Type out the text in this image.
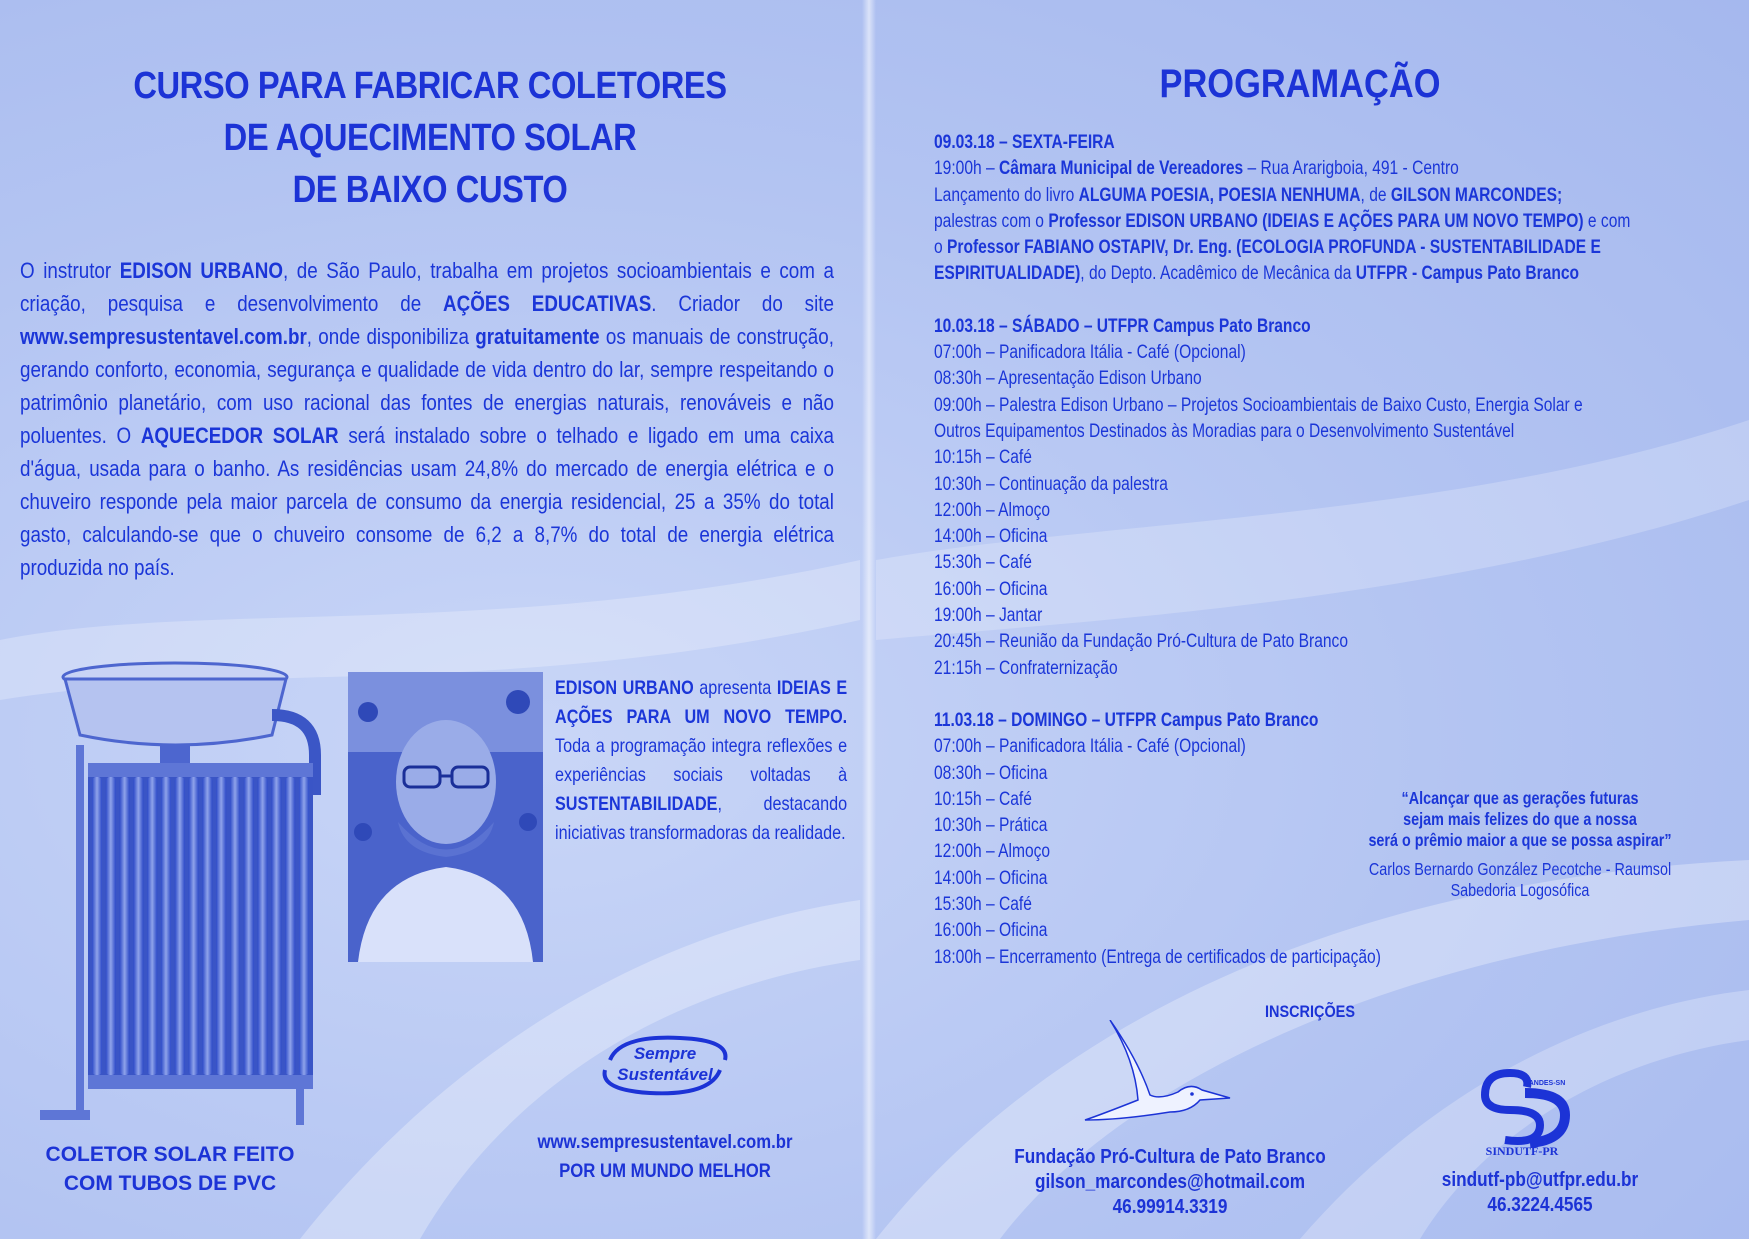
CURSO PARA FABRICAR COLETORES
DE AQUECIMENTO SOLAR
DE BAIXO CUSTO
O instrutor EDISON URBANO, de São Paulo, trabalha em projetos socioambientais e com a criação, pesquisa e desenvolvimento de AÇÕES EDUCATIVAS. Criador do site www.sempresustentavel.com.br, onde disponibiliza gratuitamente os manuais de construção, gerando conforto, economia, segurança e qualidade de vida dentro do lar, sempre respeitando o patrimônio planetário, com uso racional das fontes de energias naturais, renováveis e não poluentes. O AQUECEDOR SOLAR será instalado sobre o telhado e ligado em uma caixa d'água, usada para o banho. As residências usam 24,8% do mercado de energia elétrica e o chuveiro responde pela maior parcela de consumo da energia residencial, 25 a 35% do total gasto, calculando-se que o chuveiro consome de 6,2 a 8,7% do total de energia elétrica produzida no país.
EDISON URBANO apresenta IDEIAS E AÇÕES PARA UM NOVO TEMPO. Toda a programação integra reflexões e experiências sociais voltadas à SUSTENTABILIDADE, destacando iniciativas transformadoras da realidade.
COLETOR SOLAR FEITO
COM TUBOS DE PVC
Sempre
Sustentável
www.sempresustentavel.com.br
POR UM MUNDO MELHOR
PROGRAMAÇÃO
09.03.18 – SEXTA-FEIRA
19:00h – Câmara Municipal de Vereadores – Rua Ararigboia, 491 - Centro
Lançamento do livro ALGUMA POESIA, POESIA NENHUMA, de GILSON MARCONDES;
palestras com o Professor EDISON URBANO (IDEIAS E AÇÕES PARA UM NOVO TEMPO) e com
o Professor FABIANO OSTAPIV, Dr. Eng. (ECOLOGIA PROFUNDA - SUSTENTABILIDADE E
ESPIRITUALIDADE), do Depto. Acadêmico de Mecânica da UTFPR - Campus Pato Branco
10.03.18 – SÁBADO – UTFPR Campus Pato Branco
07:00h – Panificadora Itália - Café (Opcional)
08:30h – Apresentação Edison Urbano
09:00h – Palestra Edison Urbano – Projetos Socioambientais de Baixo Custo, Energia Solar e
Outros Equipamentos Destinados às Moradias para o Desenvolvimento Sustentável
10:15h – Café
10:30h – Continuação da palestra
12:00h – Almoço
14:00h – Oficina
15:30h – Café
16:00h – Oficina
19:00h – Jantar
20:45h – Reunião da Fundação Pró-Cultura de Pato Branco
21:15h – Confraternização
11.03.18 – DOMINGO – UTFPR Campus Pato Branco
07:00h – Panificadora Itália - Café (Opcional)
08:30h – Oficina
10:15h – Café
10:30h – Prática
12:00h – Almoço
14:00h – Oficina
15:30h – Café
16:00h – Oficina
18:00h – Encerramento (Entrega de certificados de participação)
“Alcançar que as gerações futuras
sejam mais felizes do que a nossa
será o prêmio maior a que se possa aspirar”
Carlos Bernardo González Pecotche - Raumsol
Sabedoria Logosófica
INSCRIÇÕES
Fundação Pró-Cultura de Pato Branco
gilson_marcondes@hotmail.com
46.99914.3319
ANDES-SN
SINDUTF-PR
sindutf-pb@utfpr.edu.br
46.3224.4565
